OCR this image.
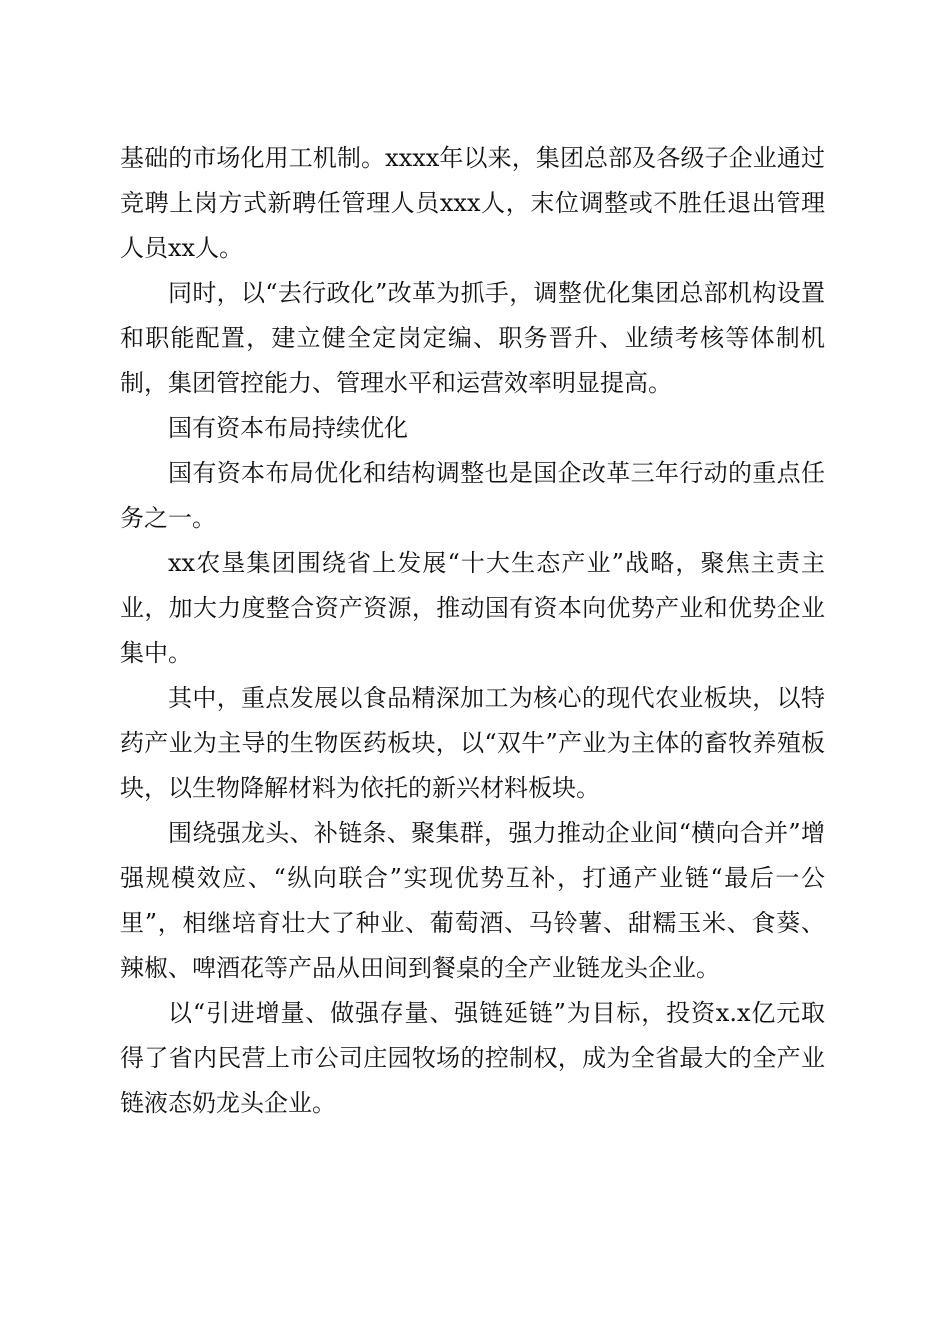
基础的市场化用工机制。xxxx年以来，集团总部及各级子企业通过竞聘上岗方式新聘任管理人员xxx人，末位调整或不胜任退出管理人员xx人。

同时，以“去行政化”改革为抓手，调整优化集团总部机构设置和职能配置，建立健全定岗定编、职务晋升、业绩考核等体制机制，集团管控能力、管理水平和运营效率明显提高。

国有资本布局持续优化

国有资本布局优化和结构调整也是国企改革三年行动的重点任务之一。

xx农垦集团围绕省上发展“十大生态产业”战略，聚焦主责主业，加大力度整合资产资源，推动国有资本向优势产业和优势企业集中。

其中，重点发展以食品精深加工为核心的现代农业板块，以特药产业为主导的生物医药板块，以“双牛”产业为主体的畜牧养殖板块，以生物降解材料为依托的新兴材料板块。

围绕强龙头、补链条、聚集群，强力推动企业间“横向合并”增强规模效应、“纵向联合”实现优势互补，打通产业链“最后一公里”，相继培育壮大了种业、葡萄酒、马铃薯、甜糯玉米、食葵、辣椒、啤酒花等产品从田间到餐桌的全产业链龙头企业。

以“引进增量、做强存量、强链延链”为目标，投资x.x亿元取得了省内民营上市公司庄园牧场的控制权，成为全省最大的全产业链液态奶龙头企业。
